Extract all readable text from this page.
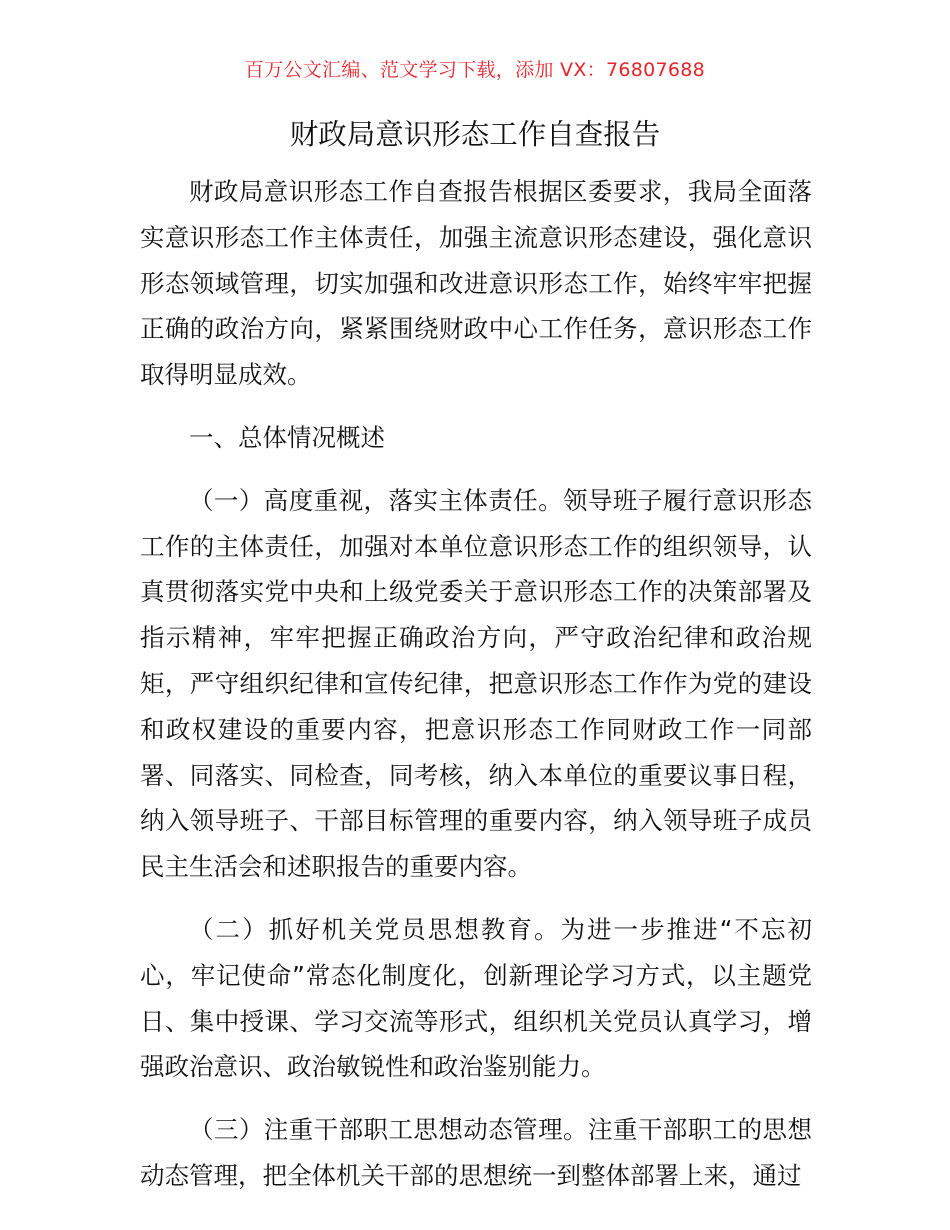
百万公文汇编、范文学习下载，添加 VX：76807688
财政局意识形态工作自查报告

财政局意识形态工作自查报告根据区委要求，我局全面落实意识形态工作主体责任，加强主流意识形态建设，强化意识形态领域管理，切实加强和改进意识形态工作，始终牢牢把握正确的政治方向，紧紧围绕财政中心工作任务，意识形态工作取得明显成效。

一、总体情况概述

（一）高度重视，落实主体责任。领导班子履行意识形态工作的主体责任，加强对本单位意识形态工作的组织领导，认真贯彻落实党中央和上级党委关于意识形态工作的决策部署及指示精神，牢牢把握正确政治方向，严守政治纪律和政治规矩，严守组织纪律和宣传纪律，把意识形态工作作为党的建设和政权建设的重要内容，把意识形态工作同财政工作一同部署、同落实、同检查，同考核，纳入本单位的重要议事日程，纳入领导班子、干部目标管理的重要内容，纳入领导班子成员民主生活会和述职报告的重要内容。

（二）抓好机关党员思想教育。为进一步推进“不忘初心，牢记使命”常态化制度化，创新理论学习方式，以主题党日、集中授课、学习交流等形式，组织机关党员认真学习，增强政治意识、政治敏锐性和政治鉴别能力。

（三）注重干部职工思想动态管理。注重干部职工的思想动态管理，把全体机关干部的思想统一到整体部署上来，通过
